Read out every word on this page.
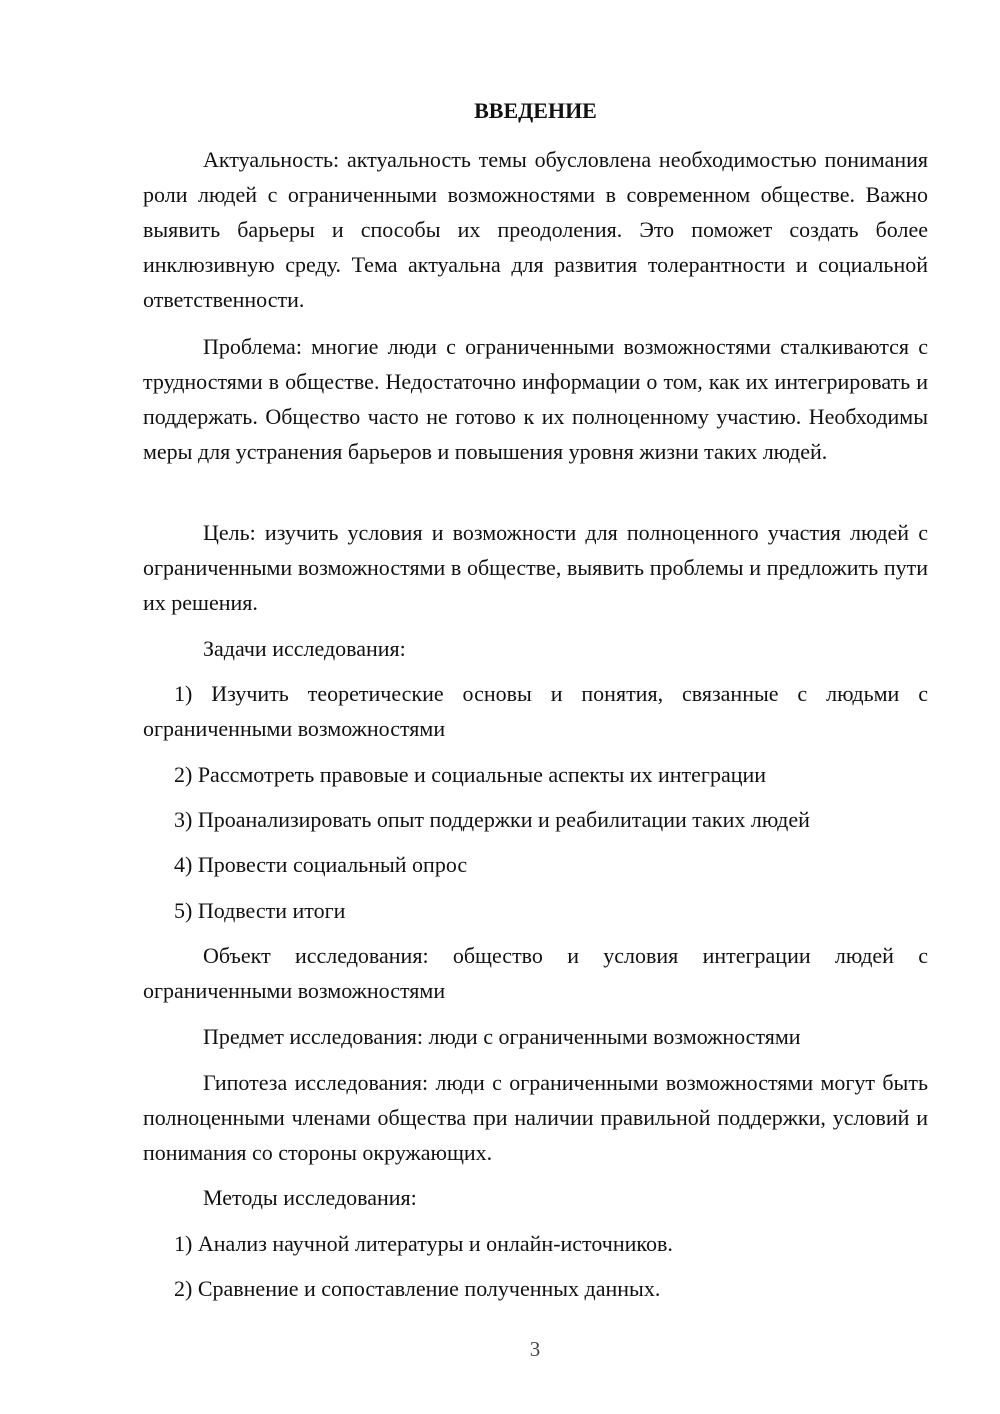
ВВЕДЕНИЕ
Актуальность: актуальность темы обусловлена необходимостью понимания роли людей с ограниченными возможностями в современном обществе. Важно выявить барьеры и способы их преодоления. Это поможет создать более инклюзивную среду. Тема актуальна для развития толерантности и социальной ответственности.
Проблема: многие люди с ограниченными возможностями сталкиваются с трудностями в обществе. Недостаточно информации о том, как их интегрировать и поддержать. Общество часто не готово к их полноценному участию. Необходимы меры для устранения барьеров и повышения уровня жизни таких людей.
Цель: изучить условия и возможности для полноценного участия людей с ограниченными возможностями в обществе, выявить проблемы и предложить пути их решения.
Задачи исследования:
1) Изучить теоретические основы и понятия, связанные с людьми с ограниченными возможностями
2) Рассмотреть правовые и социальные аспекты их интеграции
3) Проанализировать опыт поддержки и реабилитации таких людей
4) Провести социальный опрос
5) Подвести итоги
Объект исследования: общество и условия интеграции людей с ограниченными возможностями
Предмет исследования: люди с ограниченными возможностями
Гипотеза исследования: люди с ограниченными возможностями могут быть полноценными членами общества при наличии правильной поддержки, условий и понимания со стороны окружающих.
Методы исследования:
1) Анализ научной литературы и онлайн-источников.
2) Сравнение и сопоставление полученных данных.
3
